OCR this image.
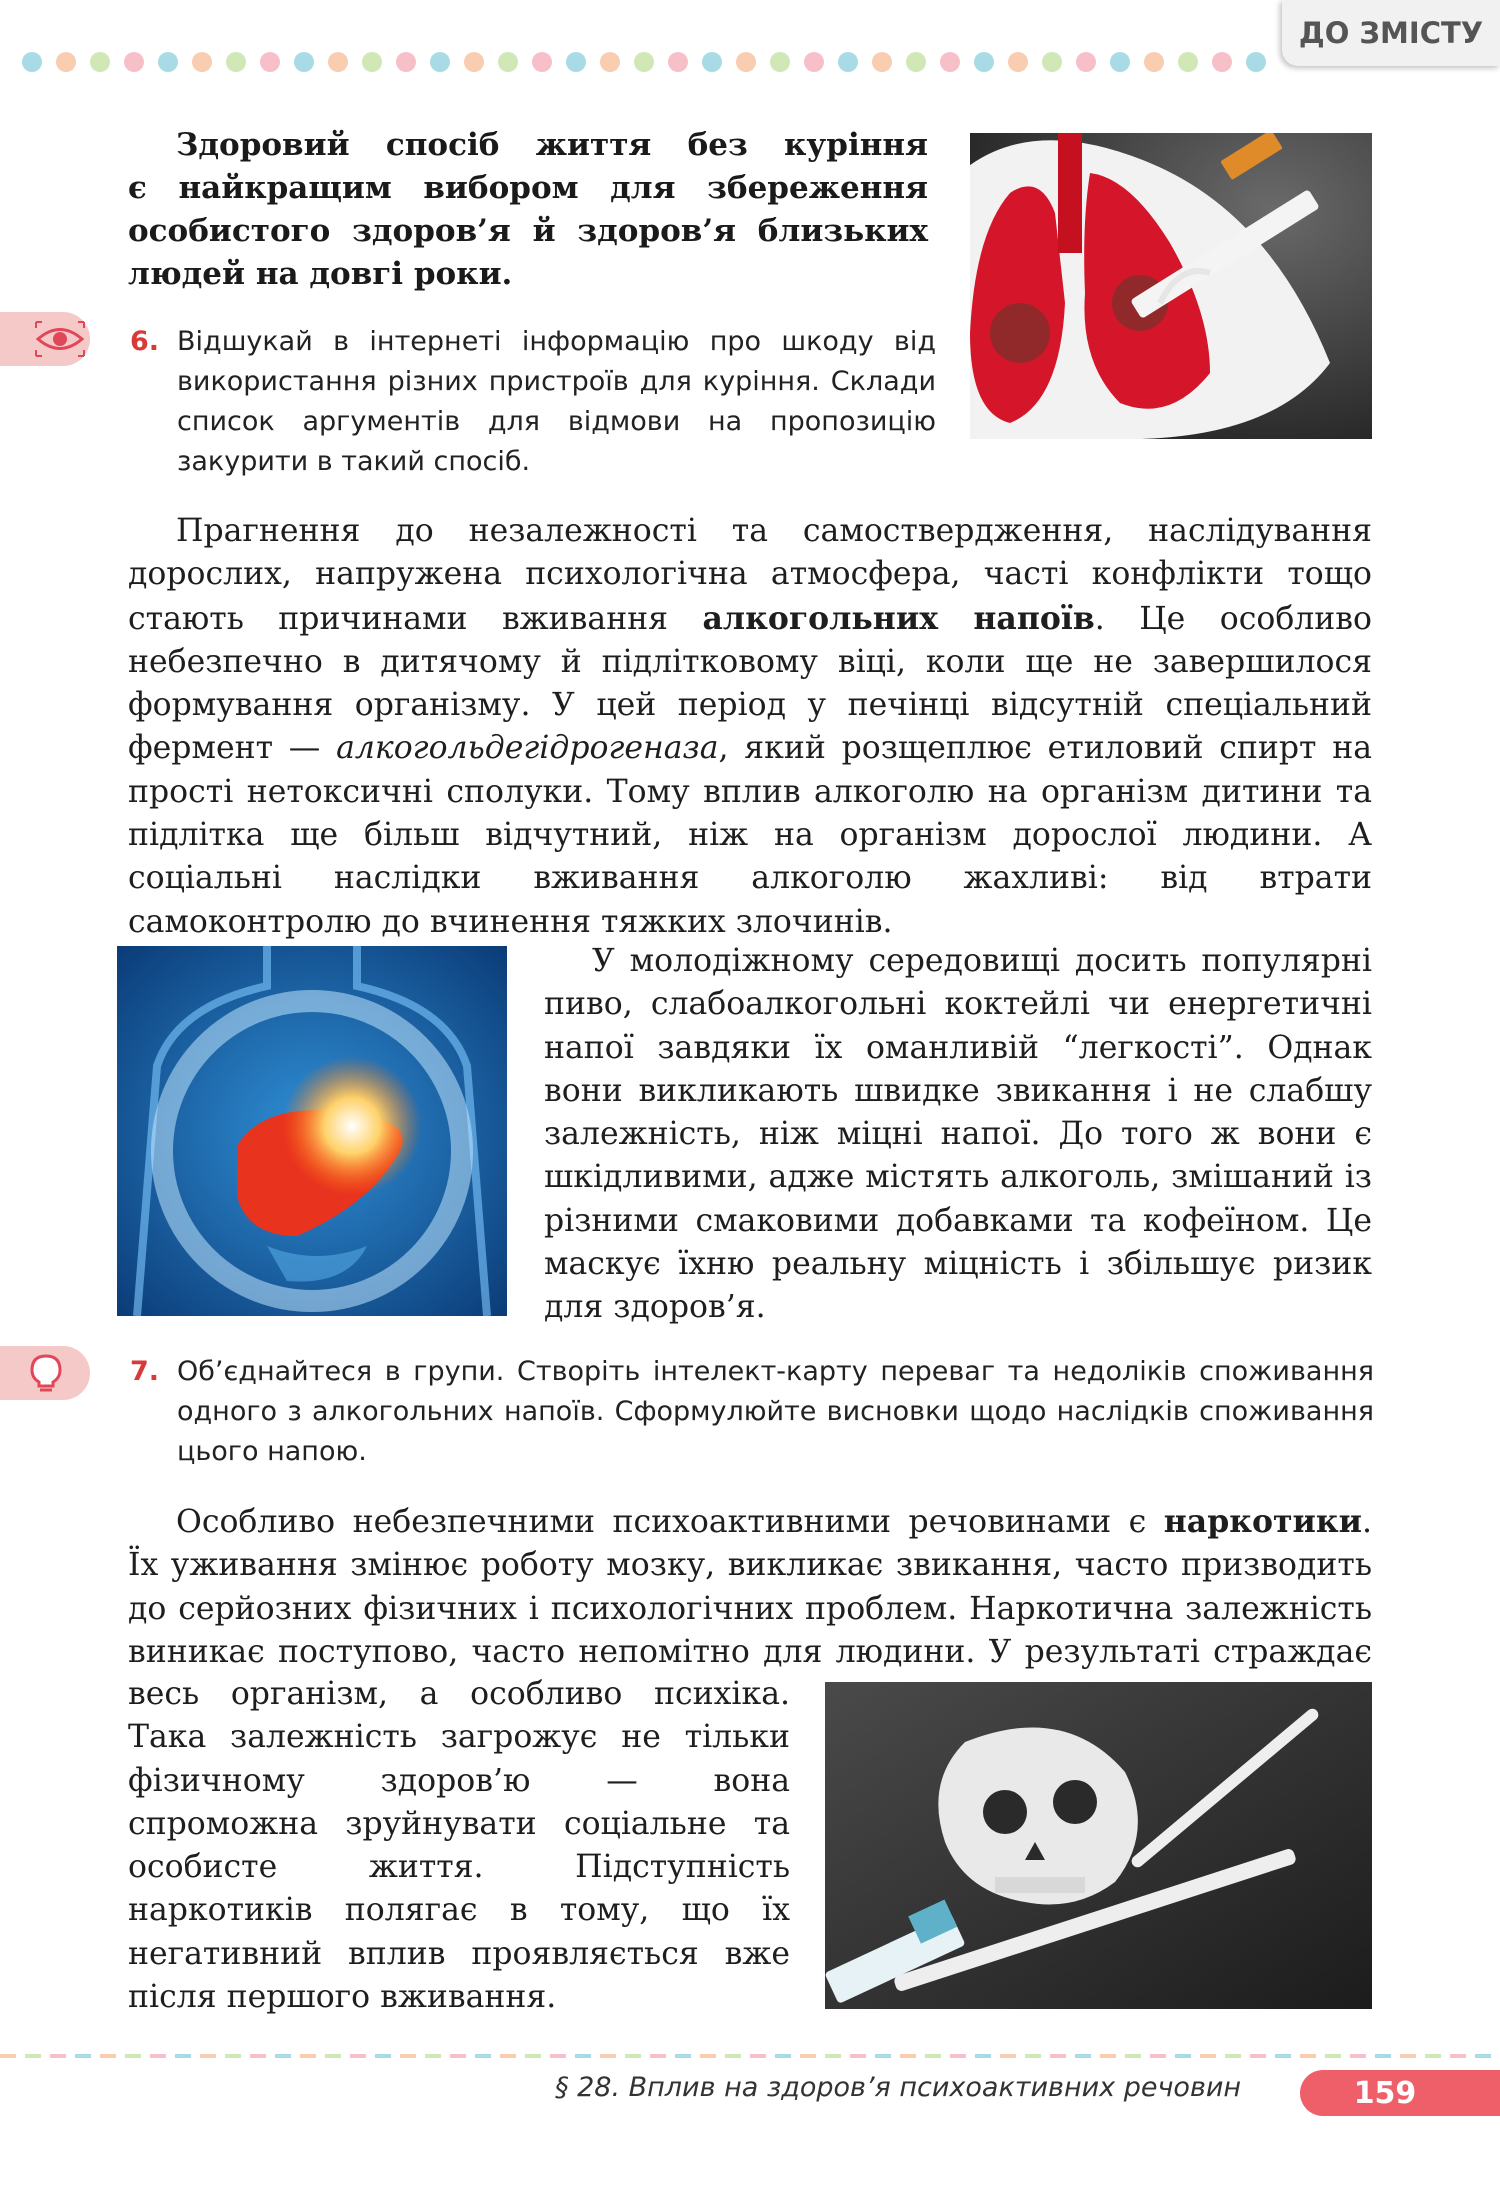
ДО ЗМІСТУ

Здоровий спосіб життя без куріння
є найкращим вибором для збереження особистого здоров’я й здоров’я близьких людей на довгі роки.

6. Відшукай в інтернеті інформацію про шкоду від використання різних пристроїв для куріння. Склади список аргументів для відмови на пропозицію закурити в такий спосіб.

Прагнення до незалежності та самоствердження, наслідування дорослих, напружена психологічна атмосфера, часті конфлікти тощо стають причинами вживання алкогольних напоїв. Це особливо небезпечно в дитячому й підлітковому віці, коли ще не завершилося формування організму. У цей період у печінці відсутній спеціальний фермент — алкогольдегідрогеназа, який розщеплює етиловий спирт на прості нетоксичні сполуки. Тому вплив алкоголю на організм дитини та підлітка ще більш відчутний, ніж на організм дорослої людини. А соціальні наслідки вживання алкоголю жахливі: від втрати самоконтролю до вчинення тяжких злочинів.

У молодіжному середовищі досить популярні пиво, слабоалкогольні коктейлі чи енергетичні напої завдяки їх оманливій “легкості”. Однак вони викликають швидке звикання і не слабшу залежність, ніж міцні напої. До того ж вони є шкідливими, адже містять алкоголь, змішаний із різними смаковими добавками та кофеїном. Це маскує їхню реальну міцність і збільшує ризик для здоров’я.

7. Об’єднайтеся в групи. Створіть інтелект-карту переваг та недоліків споживання одного з алкогольних напоїв. Сформулюйте висновки щодо наслідків споживання цього напою.

Особливо небезпечними психоактивними речовинами є наркотики. Їх уживання змінює роботу мозку, викликає звикання, часто призводить до серйозних фізичних і психологічних проблем. Наркотична залежність виникає поступово, часто непомітно для людини. У результаті страждає

весь організм, а особливо психіка. Така залежність загрожує не тільки фізичному здоров’ю — вона спроможна зруйнувати соціальне та особисте життя. Підступність наркотиків полягає в тому, що їх негативний вплив проявляється вже після першого вживання.

§ 28. Вплив на здоров’я психоактивних речовин	159
